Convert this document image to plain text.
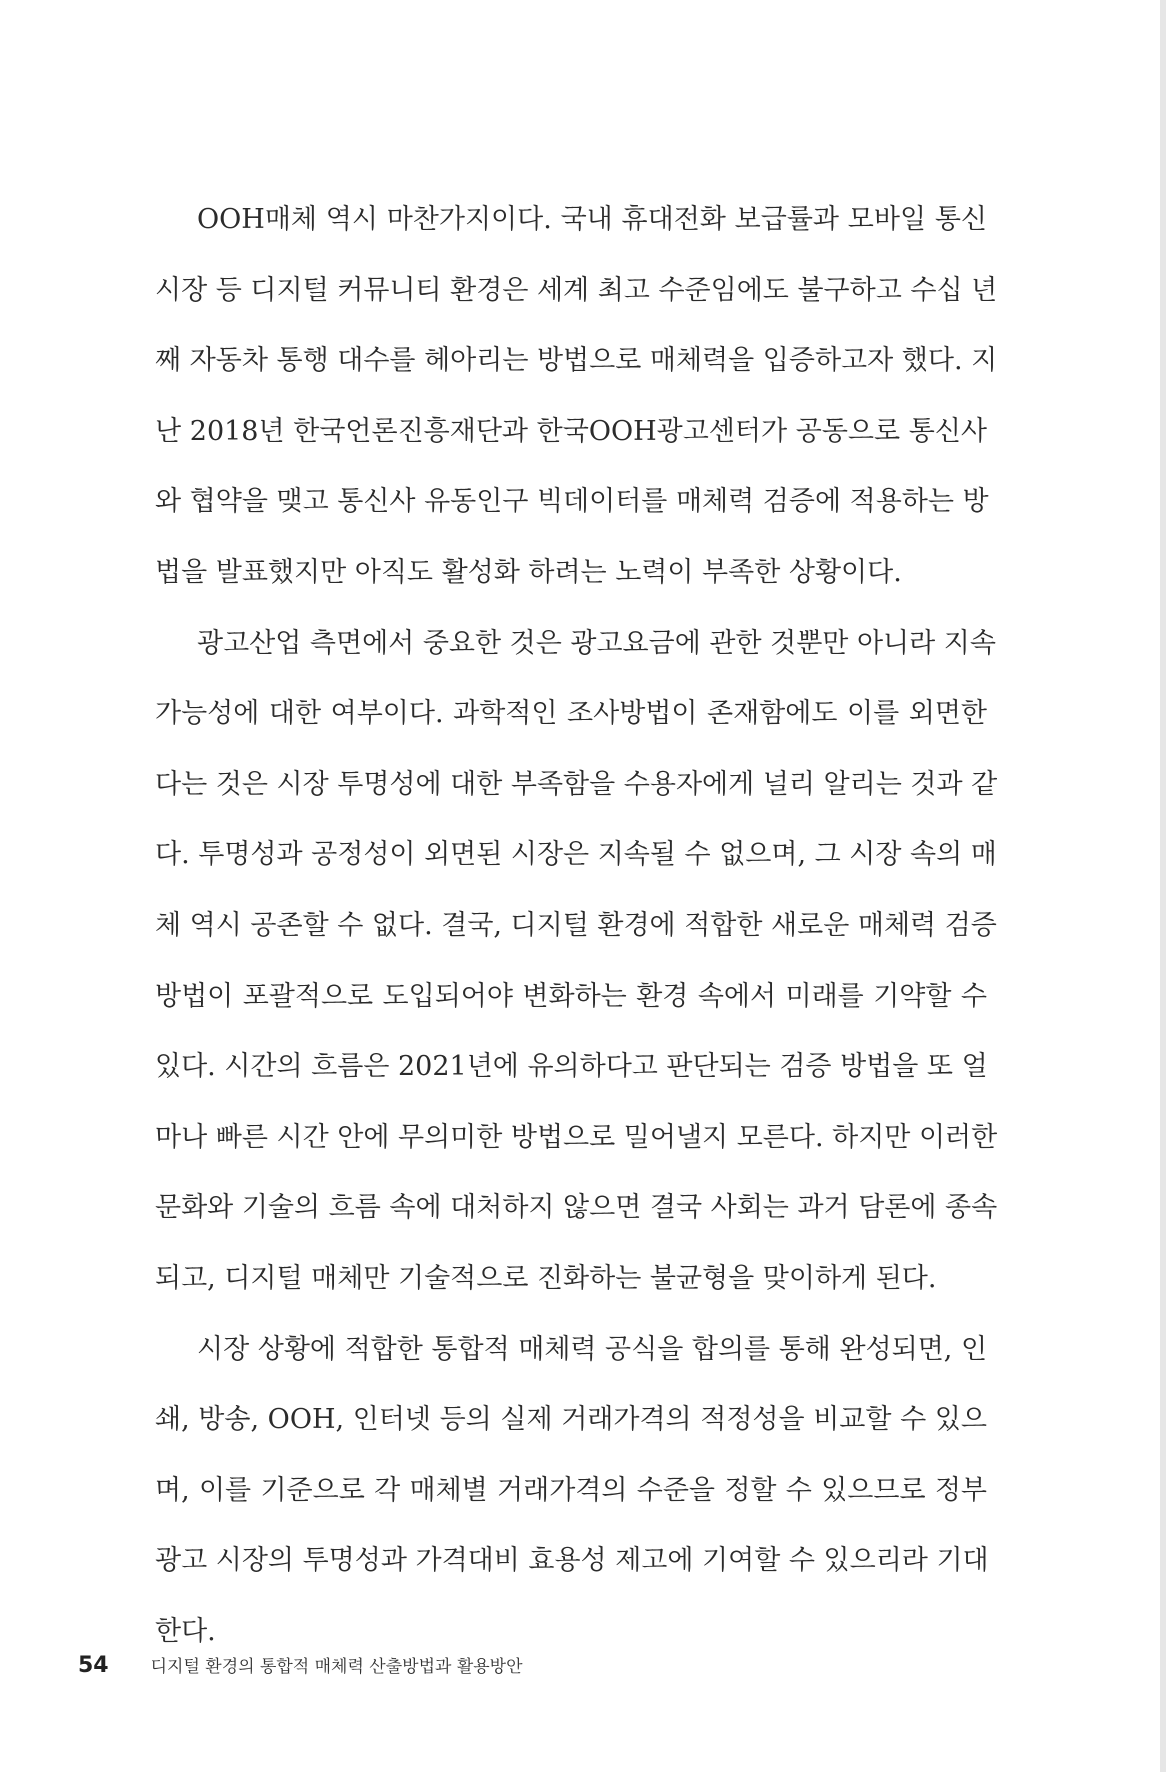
OOH매체 역시 마찬가지이다. 국내 휴대전화 보급률과 모바일 통신
시장 등 디지털 커뮤니티 환경은 세계 최고 수준임에도 불구하고 수십 년
째 자동차 통행 대수를 헤아리는 방법으로 매체력을 입증하고자 했다. 지
난 2018년 한국언론진흥재단과 한국OOH광고센터가 공동으로 통신사
와 협약을 맺고 통신사 유동인구 빅데이터를 매체력 검증에 적용하는 방
법을 발표했지만 아직도 활성화 하려는 노력이 부족한 상황이다.
광고산업 측면에서 중요한 것은 광고요금에 관한 것뿐만 아니라 지속
가능성에 대한 여부이다. 과학적인 조사방법이 존재함에도 이를 외면한
다는 것은 시장 투명성에 대한 부족함을 수용자에게 널리 알리는 것과 같
다. 투명성과 공정성이 외면된 시장은 지속될 수 없으며, 그 시장 속의 매
체 역시 공존할 수 없다. 결국, 디지털 환경에 적합한 새로운 매체력 검증
방법이 포괄적으로 도입되어야 변화하는 환경 속에서 미래를 기약할 수
있다. 시간의 흐름은 2021년에 유의하다고 판단되는 검증 방법을 또 얼
마나 빠른 시간 안에 무의미한 방법으로 밀어낼지 모른다. 하지만 이러한
문화와 기술의 흐름 속에 대처하지 않으면 결국 사회는 과거 담론에 종속
되고, 디지털 매체만 기술적으로 진화하는 불균형을 맞이하게 된다.
시장 상황에 적합한 통합적 매체력 공식을 합의를 통해 완성되면, 인
쇄, 방송, OOH, 인터넷 등의 실제 거래가격의 적정성을 비교할 수 있으
며, 이를 기준으로 각 매체별 거래가격의 수준을 정할 수 있으므로 정부
광고 시장의 투명성과 가격대비 효용성 제고에 기여할 수 있으리라 기대
한다.
54 디지털 환경의 통합적 매체력 산출방법과 활용방안
